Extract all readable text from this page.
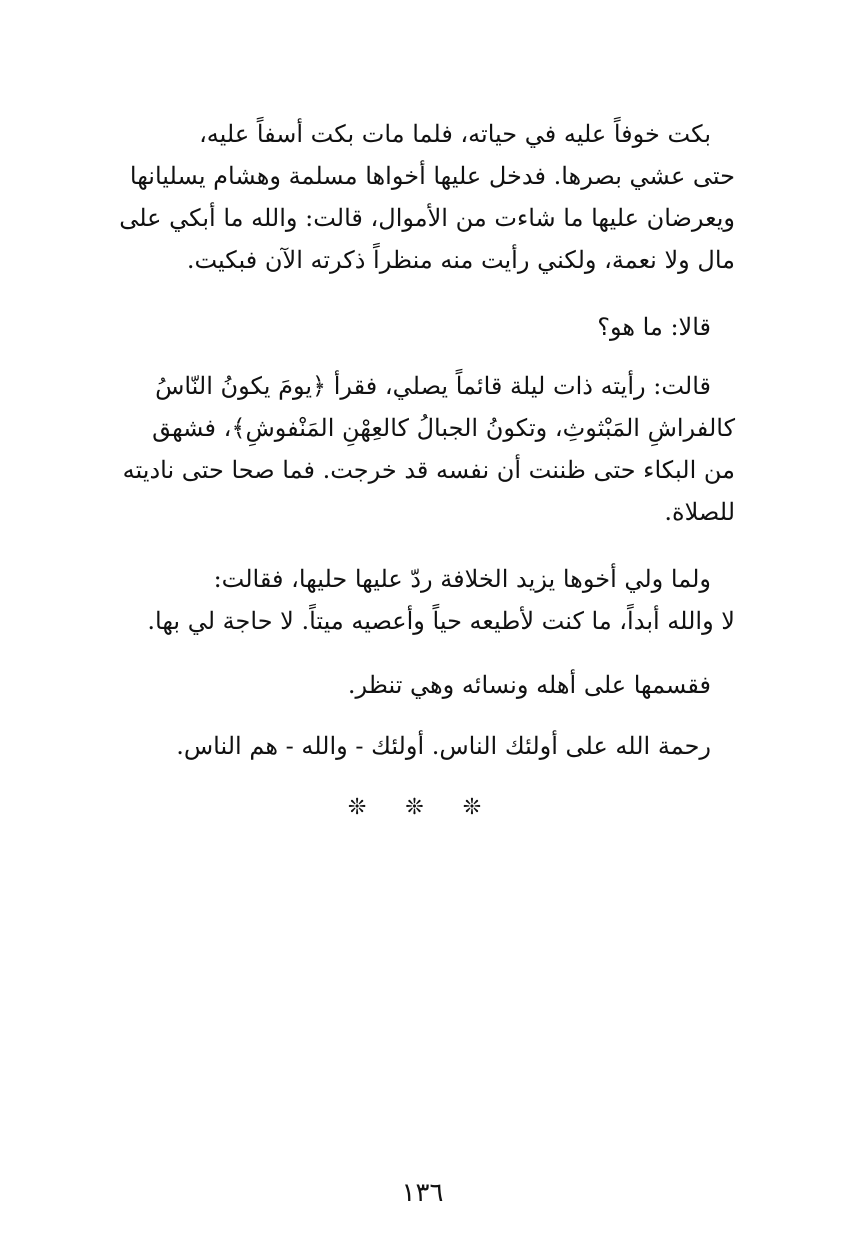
بكت خوفاً عليه في حياته، فلما مات بكت أسفاً عليه،
حتى عشي بصرها. فدخل عليها أخواها مسلمة وهشام يسليانها
ويعرضان عليها ما شاءت من الأموال، قالت: والله ما أبكي على
مال ولا نعمة، ولكني رأيت منه منظراً ذكرته الآن فبكيت.

قالا: ما هو؟

قالت: رأيته ذات ليلة قائماً يصلي، فقرأ ﴿يومَ يكونُ النّاسُ
كالفراشِ المَبْثوثِ، وتكونُ الجبالُ كالعِهْنِ المَنْفوشِ﴾، فشهق
من البكاء حتى ظننت أن نفسه قد خرجت. فما صحا حتى ناديته
للصلاة.

ولما ولي أخوها يزيد الخلافة ردّ عليها حليها، فقالت:
لا والله أبداً، ما كنت لأطيعه حياً وأعصيه ميتاً. لا حاجة لي بها.

فقسمها على أهله ونسائه وهي تنظر.

رحمة الله على أولئك الناس. أولئك - والله - هم الناس.

❊ ❊ ❊
١٣٦
